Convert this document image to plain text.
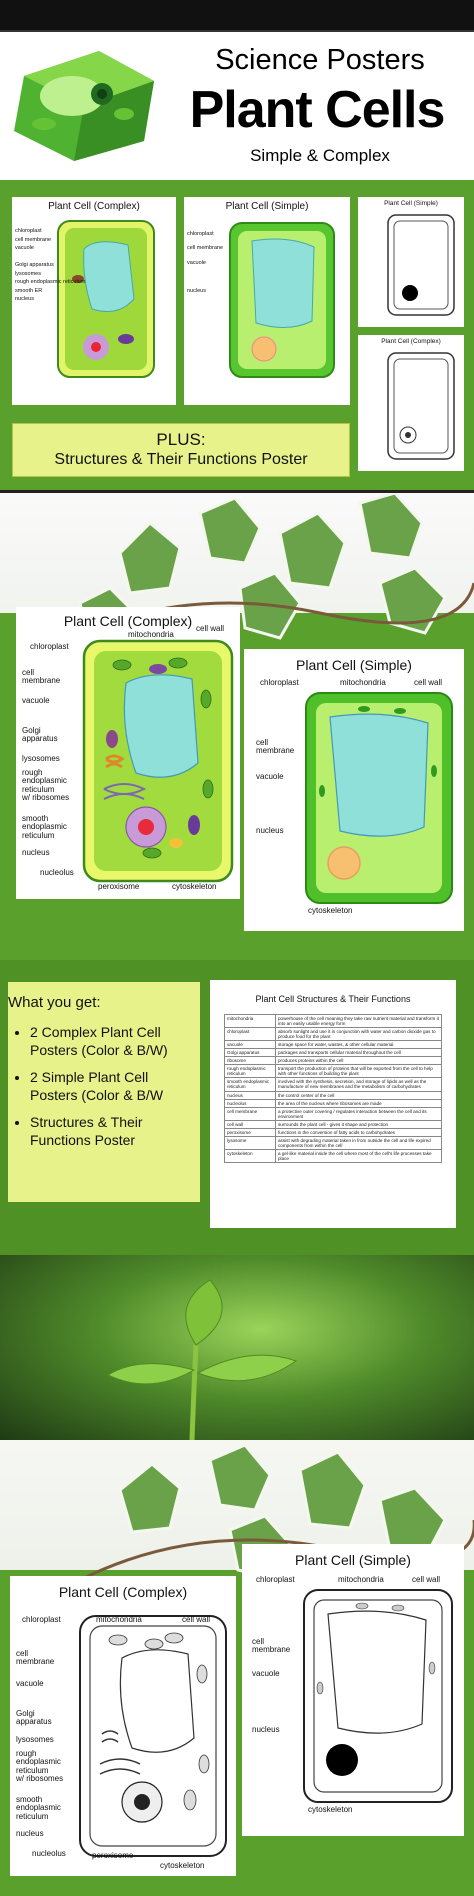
Science Posters
Plant Cells
Simple & Complex
Plant Cell (Complex)
chloroplast
cell membrane
vacuole

Golgi apparatus
lysosomes
rough endoplasmic reticulum
smooth ER
nucleus
Plant Cell (Simple)
chloroplast
cell membrane
vacuole

nucleus
Plant Cell (Simple)
Plant Cell (Complex)
PLUS:
Structures & Their Functions Poster
Plant Cell (Complex)
chloroplast
mitochondria
cell wall
cell
membrane
vacuole
Golgi
apparatus
lysosomes
rough
endoplasmic
reticulum
w/ ribosomes
smooth
endoplasmic
reticulum
nucleus
nucleolus
peroxisome	cytoskeleton
Plant Cell (Simple)
chloroplast	mitochondria	cell wall
cell
membrane
vacuole
nucleus
cytoskeleton
What you get:
• 2 Complex Plant Cell Posters (Color & B/W)
• 2 Simple Plant Cell Posters (Color & B/W
• Structures & Their Functions Poster
Plant Cell Structures & Their Functions
mitochondria	powerhouse of the cell meaning they take raw nutrient material and transform it into an easily usable energy form
chloroplast	absorb sunlight and use it in conjunction with water and carbon dioxide gas to produce food for the plant
vacuole	storage space for water, wastes, & other cellular material
Golgi apparatus	packages and transports cellular material throughout the cell
ribosome	produces proteins within the cell
rough endoplasmic reticulum	transport the production of proteins that will be exported from the cell to help with other functions of building the plant
smooth endoplasmic reticulum	involved with the synthesis, secretion, and storage of lipids as well as the manufacture of new membranes and the metabolism of carbohydrates
nucleus	the control center of the cell
nucleolus	the area of the nucleus where ribosomes are made
cell membrane	a protective outer covering / regulates interaction between the cell and its environment
cell wall	surrounds the plant cell - gives it shape and protection
peroxisome	functions in the conversion of fatty acids to carbohydrates
lysosome	assist with degrading material taken in from outside the cell and life expired components from within the cell
cytoskeleton	a gel-like material inside the cell where most of the cell's life processes take place
Plant Cell (Complex)
chloroplast	mitochondria	cell wall
cell
membrane
vacuole
Golgi
apparatus
lysosomes
rough
endoplasmic
reticulum
w/ ribosomes
smooth
endoplasmic
reticulum
nucleus
nucleolus	peroxisome
cytoskeleton
Plant Cell (Simple)
chloroplast	mitochondria	cell wall
cell
membrane
vacuole
nucleus
cytoskeleton
